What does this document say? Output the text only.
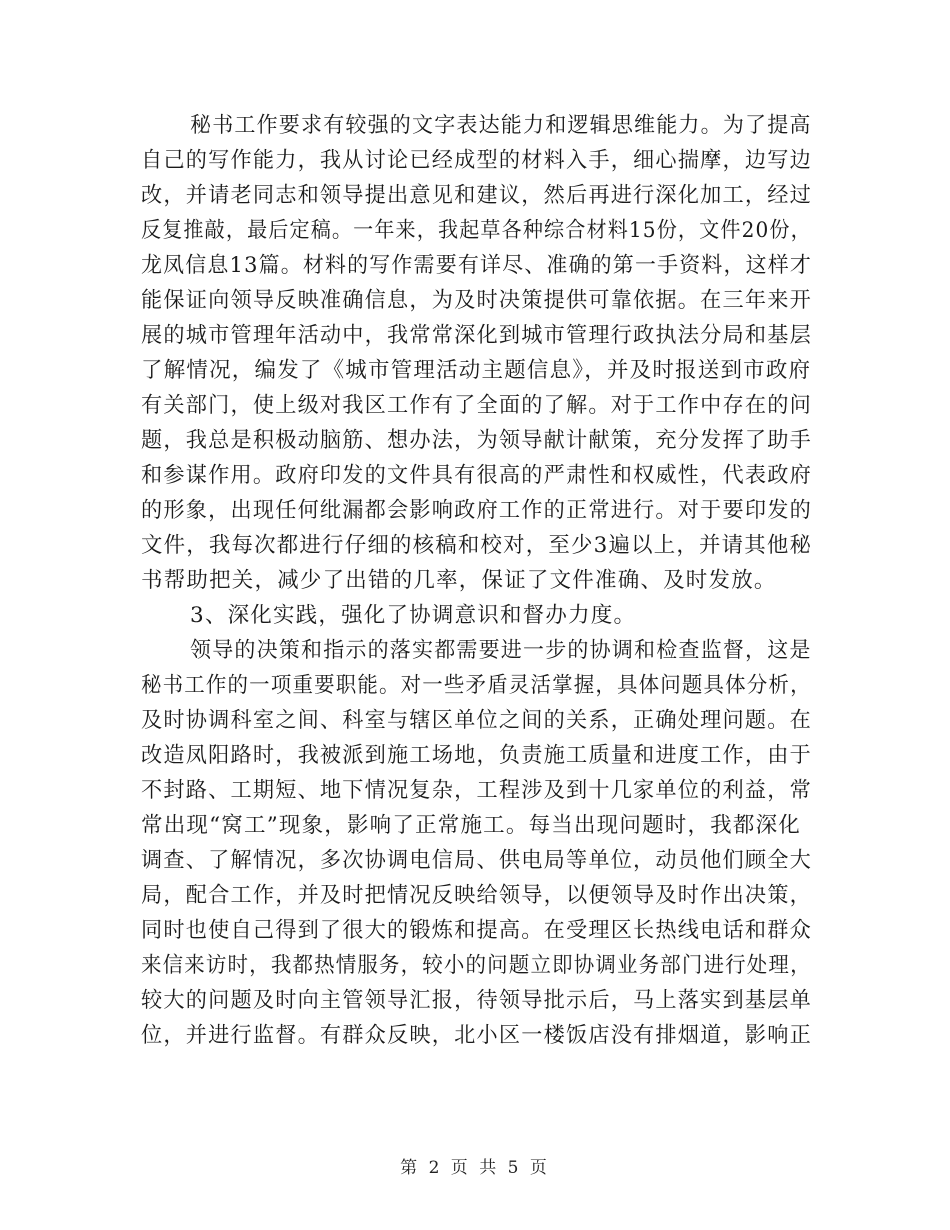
秘书工作要求有较强的文字表达能力和逻辑思维能力。为了提高
自己的写作能力，我从讨论已经成型的材料入手，细心揣摩，边写边
改，并请老同志和领导提出意见和建议，然后再进行深化加工，经过
反复推敲，最后定稿。一年来，我起草各种综合材料15份，文件20份，
龙凤信息13篇。材料的写作需要有详尽、准确的第一手资料，这样才
能保证向领导反映准确信息，为及时决策提供可靠依据。在三年来开
展的城市管理年活动中，我常常深化到城市管理行政执法分局和基层
了解情况，编发了《城市管理活动主题信息》，并及时报送到市政府
有关部门，使上级对我区工作有了全面的了解。对于工作中存在的问
题，我总是积极动脑筋、想办法，为领导献计献策，充分发挥了助手
和参谋作用。政府印发的文件具有很高的严肃性和权威性，代表政府
的形象，出现任何纰漏都会影响政府工作的正常进行。对于要印发的
文件，我每次都进行仔细的核稿和校对，至少3遍以上，并请其他秘
书帮助把关，减少了出错的几率，保证了文件准确、及时发放。
3、深化实践，强化了协调意识和督办力度。
领导的决策和指示的落实都需要进一步的协调和检查监督，这是
秘书工作的一项重要职能。对一些矛盾灵活掌握，具体问题具体分析，
及时协调科室之间、科室与辖区单位之间的关系，正确处理问题。在
改造凤阳路时，我被派到施工场地，负责施工质量和进度工作，由于
不封路、工期短、地下情况复杂，工程涉及到十几家单位的利益，常
常出现“窝工”现象，影响了正常施工。每当出现问题时，我都深化
调查、了解情况，多次协调电信局、供电局等单位，动员他们顾全大
局，配合工作，并及时把情况反映给领导，以便领导及时作出决策，
同时也使自己得到了很大的锻炼和提高。在受理区长热线电话和群众
来信来访时，我都热情服务，较小的问题立即协调业务部门进行处理，
较大的问题及时向主管领导汇报，待领导批示后，马上落实到基层单
位，并进行监督。有群众反映，北小区一楼饭店没有排烟道，影响正
第 2 页 共 5 页
